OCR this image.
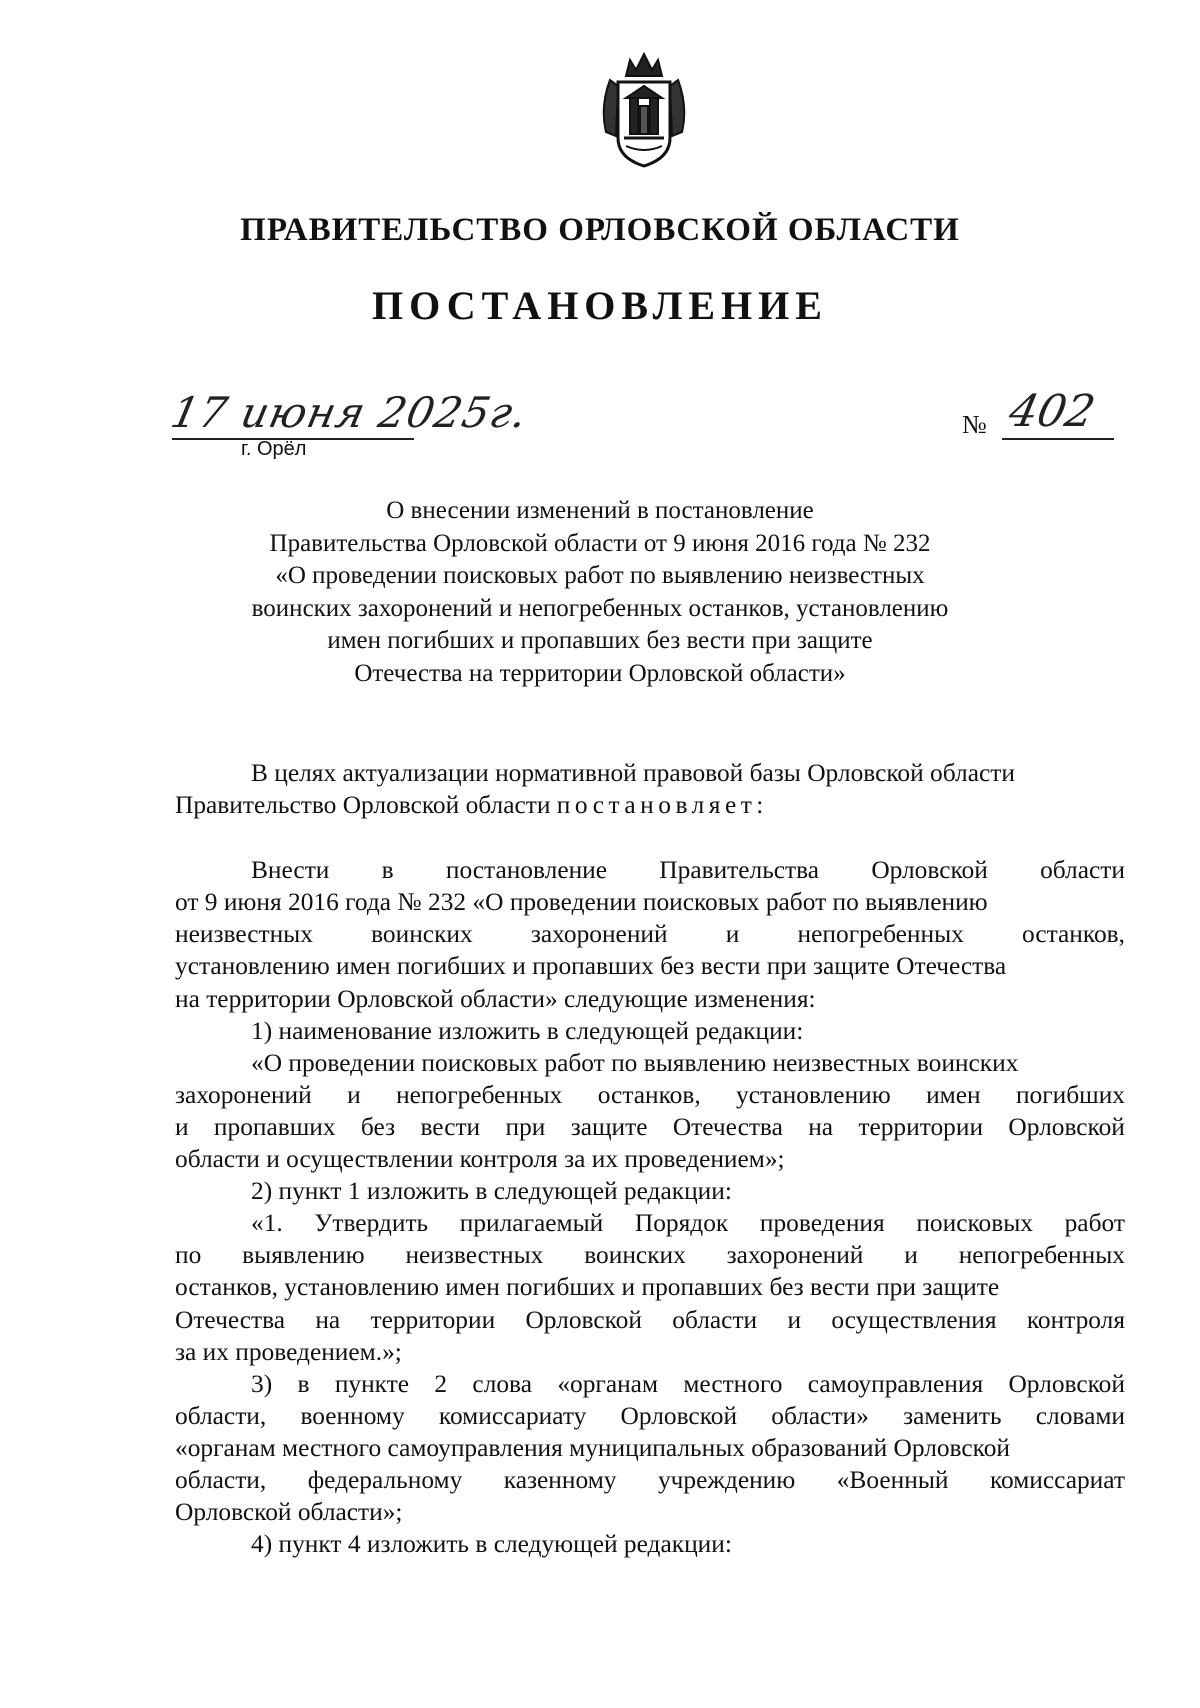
ПРАВИТЕЛЬСТВО ОРЛОВСКОЙ ОБЛАСТИ
ПОСТАНОВЛЕНИЕ
17 июня 2025г.
г. Орёл
№ 402
О внесении изменений в постановление
Правительства Орловской области от 9 июня 2016 года № 232
«О проведении поисковых работ по выявлению неизвестных
воинских захоронений и непогребенных останков, установлению
имен погибших и пропавших без вести при защите
Отечества на территории Орловской области»
В целях актуализации нормативной правовой базы Орловской области
Правительство Орловской области постановляет:
Внести в постановление Правительства Орловской области
от 9 июня 2016 года № 232 «О проведении поисковых работ по выявлению
неизвестных воинских захоронений и непогребенных останков,
установлению имен погибших и пропавших без вести при защите Отечества
на территории Орловской области» следующие изменения:
1) наименование изложить в следующей редакции:
«О проведении поисковых работ по выявлению неизвестных воинских
захоронений и непогребенных останков, установлению имен погибших
и пропавших без вести при защите Отечества на территории Орловской
области и осуществлении контроля за их проведением»;
2) пункт 1 изложить в следующей редакции:
«1. Утвердить прилагаемый Порядок проведения поисковых работ
по выявлению неизвестных воинских захоронений и непогребенных
останков, установлению имен погибших и пропавших без вести при защите
Отечества на территории Орловской области и осуществления контроля
за их проведением.»;
3) в пункте 2 слова «органам местного самоуправления Орловской
области, военному комиссариату Орловской области» заменить словами
«органам местного самоуправления муниципальных образований Орловской
области, федеральному казенному учреждению «Военный комиссариат
Орловской области»;
4) пункт 4 изложить в следующей редакции:
